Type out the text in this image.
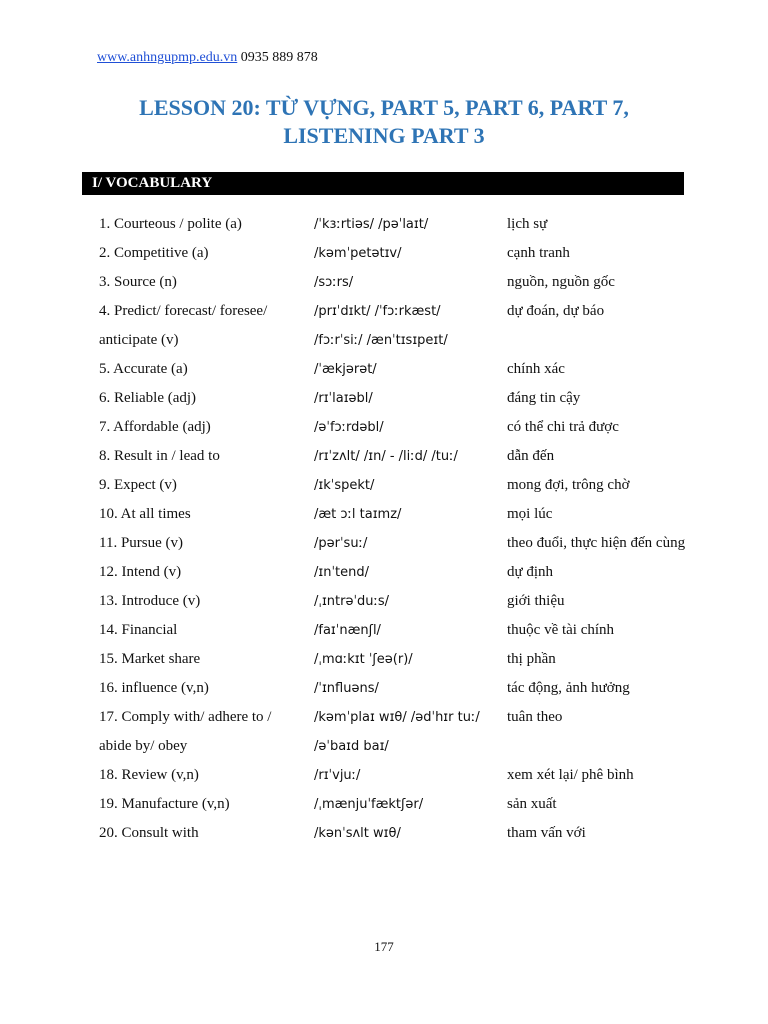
www.anhngupmp.edu.vn 0935 889 878
LESSON 20: TỪ VỰNG, PART 5, PART 6, PART 7,
LISTENING PART 3
I/ VOCABULARY
1. Courteous / polite (a)	/ˈkɜːrtiəs/ /pəˈlaɪt/	lịch sự
2. Competitive (a)	/kəmˈpetətɪv/	cạnh tranh
3. Source (n)	/sɔːrs/	nguồn, nguồn gốc
4. Predict/ forecast/ foresee/	/prɪˈdɪkt/ /ˈfɔːrkæst/	dự đoán, dự báo
anticipate (v)	/fɔːrˈsiː/ /ænˈtɪsɪpeɪt/
5. Accurate (a)	/ˈækjərət/	chính xác
6. Reliable (adj)	/rɪˈlaɪəbl/	đáng tin cậy
7. Affordable (adj)	/əˈfɔːrdəbl/	có thể chi trả được
8. Result in / lead to	/rɪˈzʌlt/ /ɪn/ - /liːd/ /tuː/	dẫn đến
9. Expect (v)	/ɪkˈspekt/	mong đợi, trông chờ
10. At all times	/æt ɔːl taɪmz/	mọi lúc
11. Pursue (v)	/pərˈsuː/	theo đuổi, thực hiện đến cùng
12. Intend (v)	/ɪnˈtend/	dự định
13. Introduce (v)	/ˌɪntrəˈduːs/	giới thiệu
14. Financial	/faɪˈnænʃl/	thuộc về tài chính
15. Market share	/ˌmɑːkɪt ˈʃeə(r)/	thị phần
16. influence (v,n)	/ˈɪnfluəns/	tác động, ảnh hưởng
17. Comply with/ adhere to /	/kəmˈplaɪ wɪθ/ /ədˈhɪr tuː/ tuân theo
abide by/ obey	/əˈbaɪd baɪ/
18. Review (v,n)	/rɪˈvjuː/	xem xét lại/ phê bình
19. Manufacture (v,n)	/ˌmænjuˈfæktʃər/	sản xuất
20. Consult with	/kənˈsʌlt wɪθ/	tham vấn với
177
